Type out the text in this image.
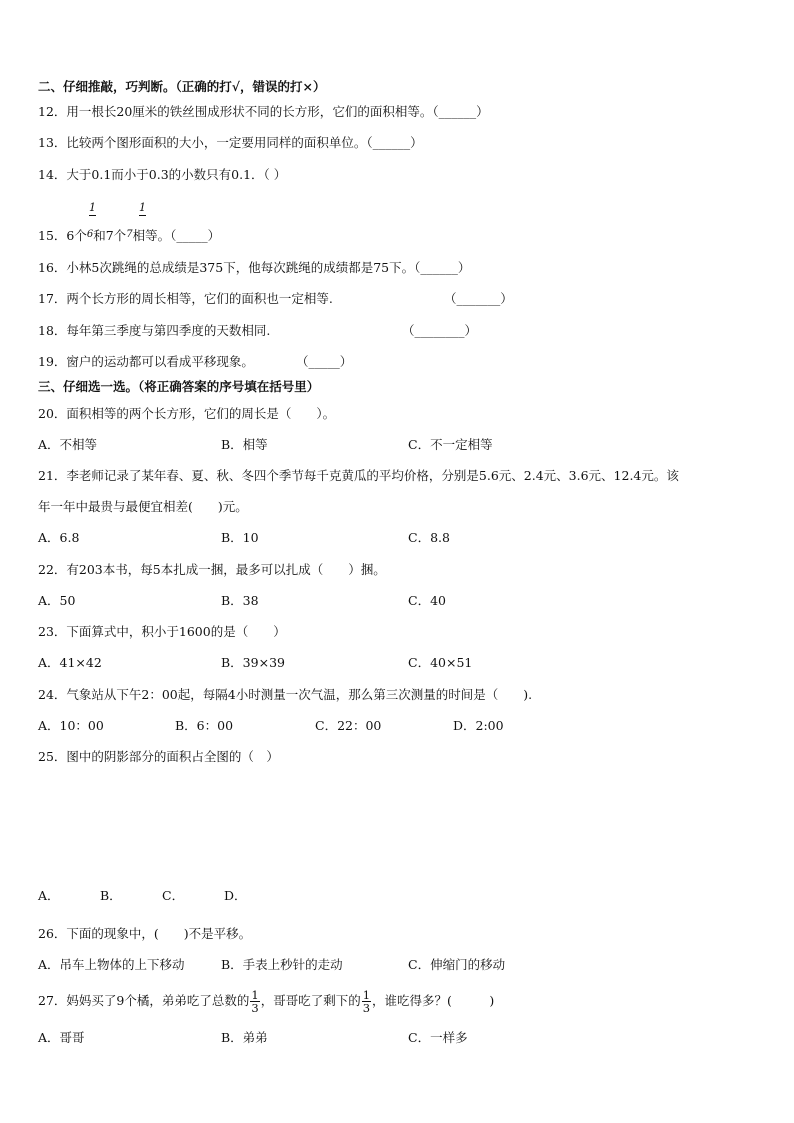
二、仔细推敲，巧判断。（正确的打√，错误的打×）
12．用一根长20厘米的铁丝围成形状不同的长方形，它们的面积相等。（______）
13．比较两个图形面积的大小，一定要用同样的面积单位。（______）
14．大于0.1而小于0.3的小数只有0.1．（ ）
1	1
15．6个$^6$和7个$^7$相等。（_____）
16．小林5次跳绳的总成绩是375下，他每次跳绳的成绩都是75下。（______）
17．两个长方形的周长相等，它们的面积也一定相等.	（_______）
18．每年第三季度与第四季度的天数相同.	（________）
19．窗户的运动都可以看成平移现象。	（_____）
三、仔细选一选。（将正确答案的序号填在括号里）
20．面积相等的两个长方形，它们的周长是（　　）。
A．不相等	B．相等	C．不一定相等
21．李老师记录了某年春、夏、秋、冬四个季节每千克黄瓜的平均价格，分别是5.6元、2.4元、3.6元、12.4元。该
年一年中最贵与最便宜相差(　　)元。
A．6.8	B．10	C．8.8
22．有203本书，每5本扎成一捆，最多可以扎成（　　）捆。
A．50	B．38	C．40
23．下面算式中，积小于1600的是（　　）
A．41×42	B．39×39	C．40×51
24．气象站从下午2：00起，每隔4小时测量一次气温，那么第三次测量的时间是（　　).
A．10：00	B．6：00	C．22：00	D．2:00
25．图中的阴影部分的面积占全图的（　）
A．	B．	C．	D．
26．下面的现象中，(　　)不是平移。
A．吊车上物体的上下移动	B．手表上秒针的走动	C．伸缩门的移动
27．妈妈买了9个橘，弟弟吃了总数的 $\frac{1}{3}$ ，哥哥吃了剩下的 $\frac{1}{3}$ ，谁吃得多？(　　　)
A．哥哥	B．弟弟	C．一样多
